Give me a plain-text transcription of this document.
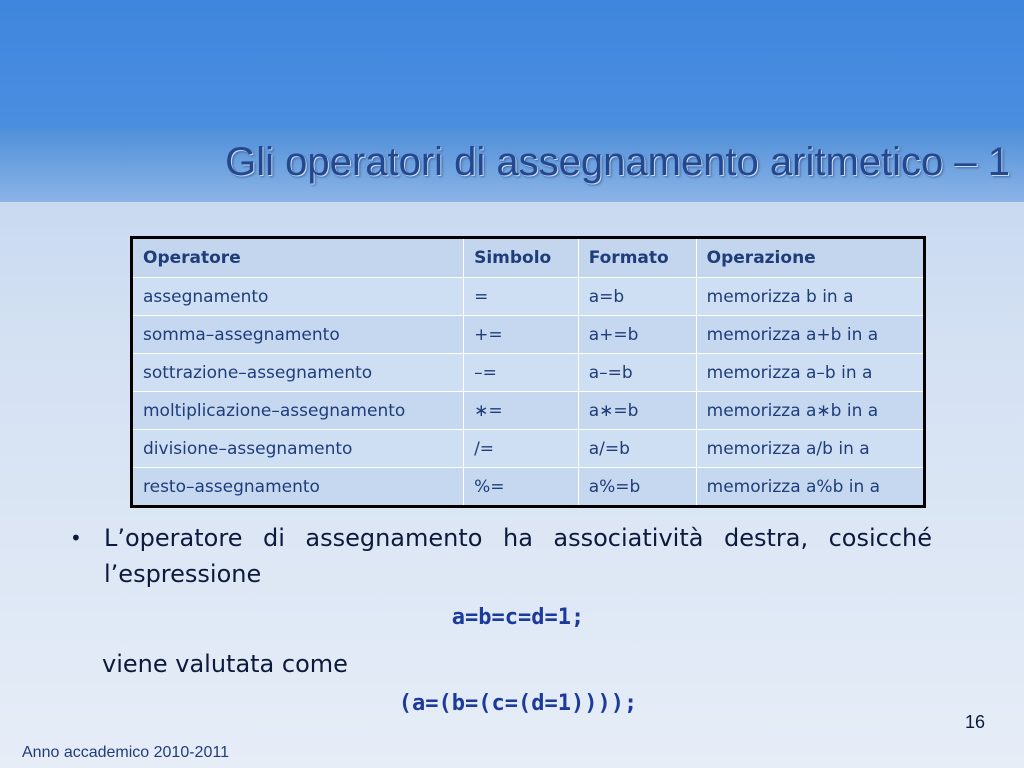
Gli operatori di assegnamento aritmetico – 1
Operatore	Simbolo	Formato	Operazione
assegnamento	=	a=b	memorizza b in a
somma–assegnamento	+=	a+=b	memorizza a+b in a
sottrazione–assegnamento	–=	a–=b	memorizza a–b in a
moltiplicazione–assegnamento	∗=	a∗=b	memorizza a∗b in a
divisione–assegnamento	/=	a/=b	memorizza a/b in a
resto–assegnamento	%=	a%=b	memorizza a%b in a
• L’operatore di assegnamento ha associatività destra, cosicché l’espressione
a=b=c=d=1;
viene valutata come
(a=(b=(c=(d=1))));
16
Anno accademico 2010-2011
